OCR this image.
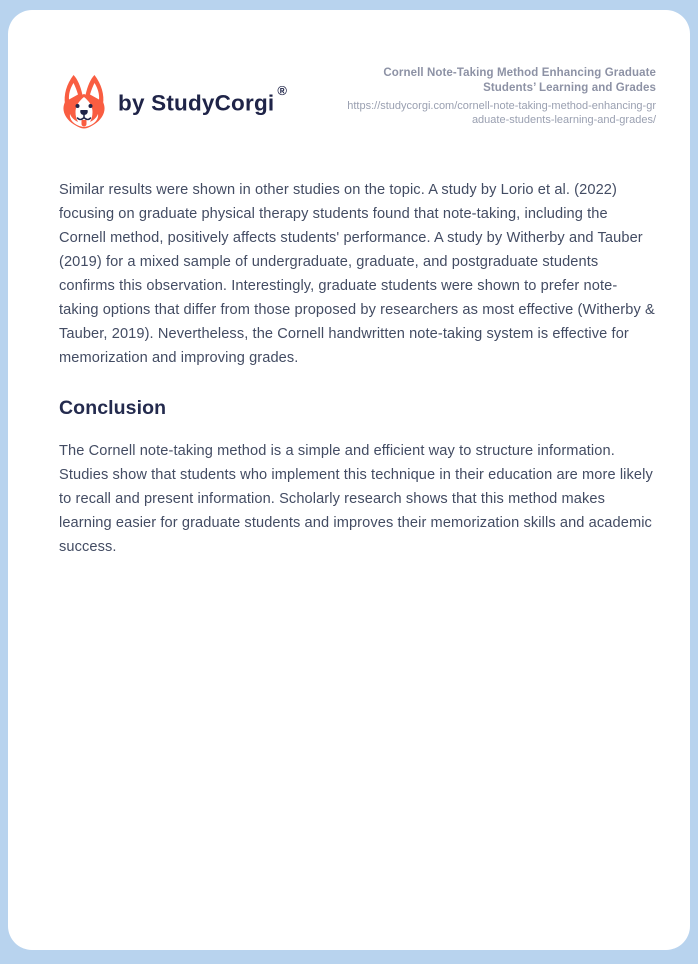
by StudyCorgi ®
Cornell Note-Taking Method Enhancing Graduate Students’ Learning and Grades
https://studycorgi.com/cornell-note-taking-method-enhancing-graduate-students-learning-and-grades/

Similar results were shown in other studies on the topic. A study by Lorio et al. (2022) focusing on graduate physical therapy students found that note-taking, including the Cornell method, positively affects students' performance. A study by Witherby and Tauber (2019) for a mixed sample of undergraduate, graduate, and postgraduate students confirms this observation. Interestingly, graduate students were shown to prefer note-taking options that differ from those proposed by researchers as most effective (Witherby & Tauber, 2019). Nevertheless, the Cornell handwritten note-taking system is effective for memorization and improving grades.

Conclusion

The Cornell note-taking method is a simple and efficient way to structure information. Studies show that students who implement this technique in their education are more likely to recall and present information. Scholarly research shows that this method makes learning easier for graduate students and improves their memorization skills and academic success.
